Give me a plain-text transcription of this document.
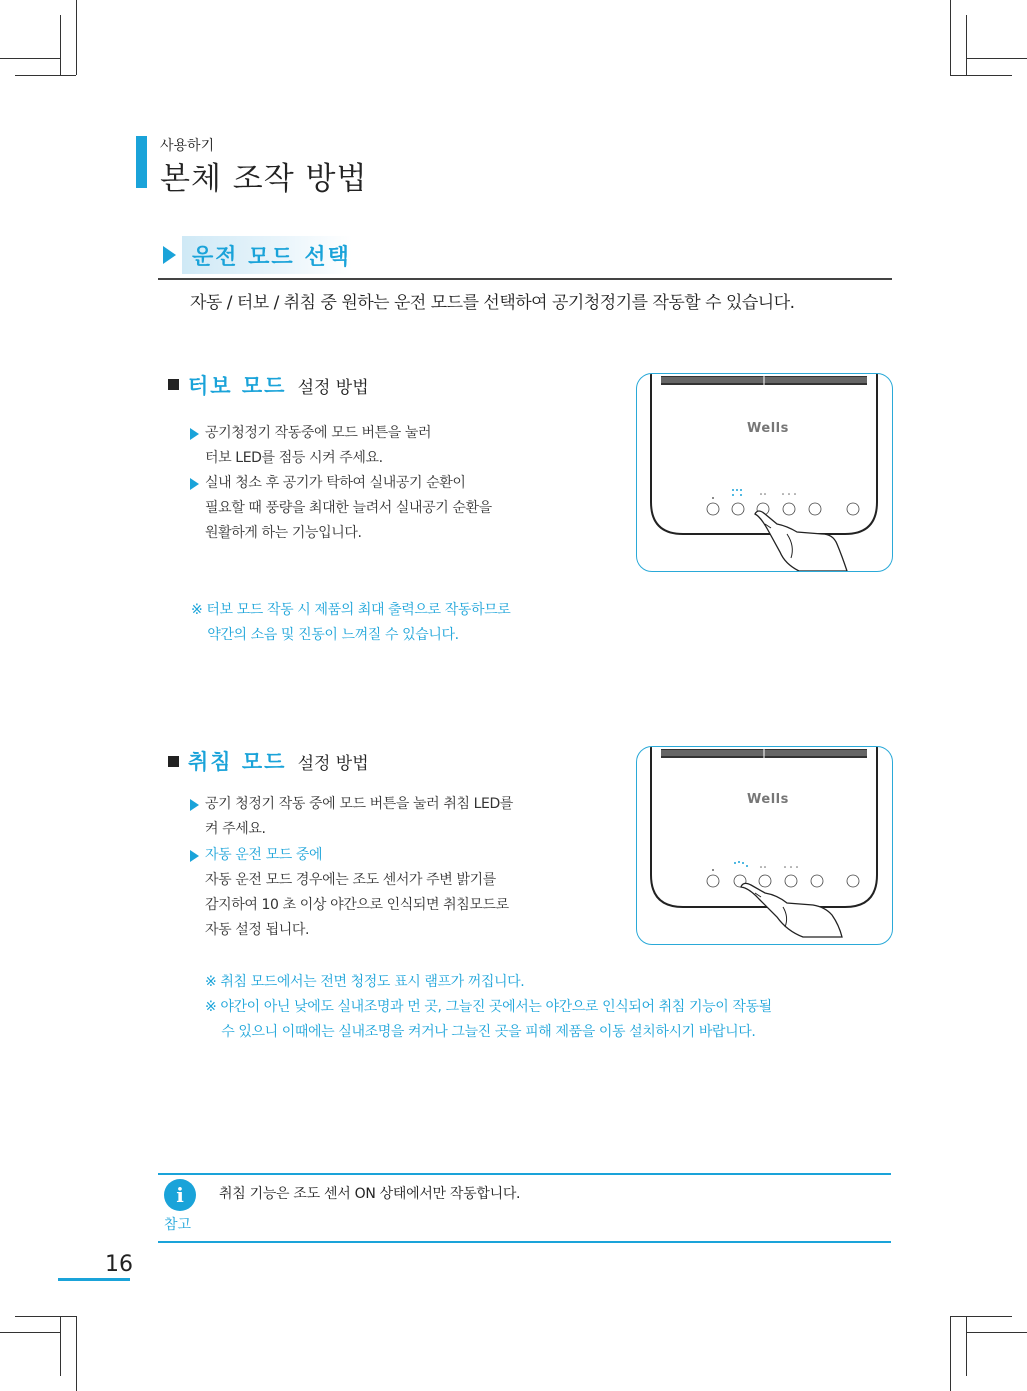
사용하기
본체 조작 방법
운전 모드 선택
자동 / 터보 / 취침 중 원하는 운전 모드를 선택하여 공기청정기를 작동할 수 있습니다.
터보 모드 설정 방법
공기청정기 작동중에 모드 버튼을 눌러
터보 LED를 점등 시켜 주세요.
실내 청소 후 공기가 탁하여 실내공기 순환이
필요할 때 풍량을 최대한 늘려서 실내공기 순환을
원활하게 하는 기능입니다.
※ 터보 모드 작동 시 제품의 최대 출력으로 작동하므로
약간의 소음 및 진동이 느껴질 수 있습니다.
Wells
취침 모드 설정 방법
공기 청정기 작동 중에 모드 버튼을 눌러 취침 LED를
켜 주세요.
자동 운전 모드 중에
자동 운전 모드 경우에는 조도 센서가 주변 밝기를
감지하여 10 초 이상 야간으로 인식되면 취침모드로
자동 설정 됩니다.
※ 취침 모드에서는 전면 청정도 표시 램프가 꺼집니다.
※ 야간이 아닌 낮에도 실내조명과 먼 곳, 그늘진 곳에서는 야간으로 인식되어 취침 기능이 작동될
수 있으니 이때에는 실내조명을 켜거나 그늘진 곳을 피해 제품을 이동 설치하시기 바랍니다.
Wells
i
참고
취침 기능은 조도 센서 ON 상태에서만 작동합니다.
16
